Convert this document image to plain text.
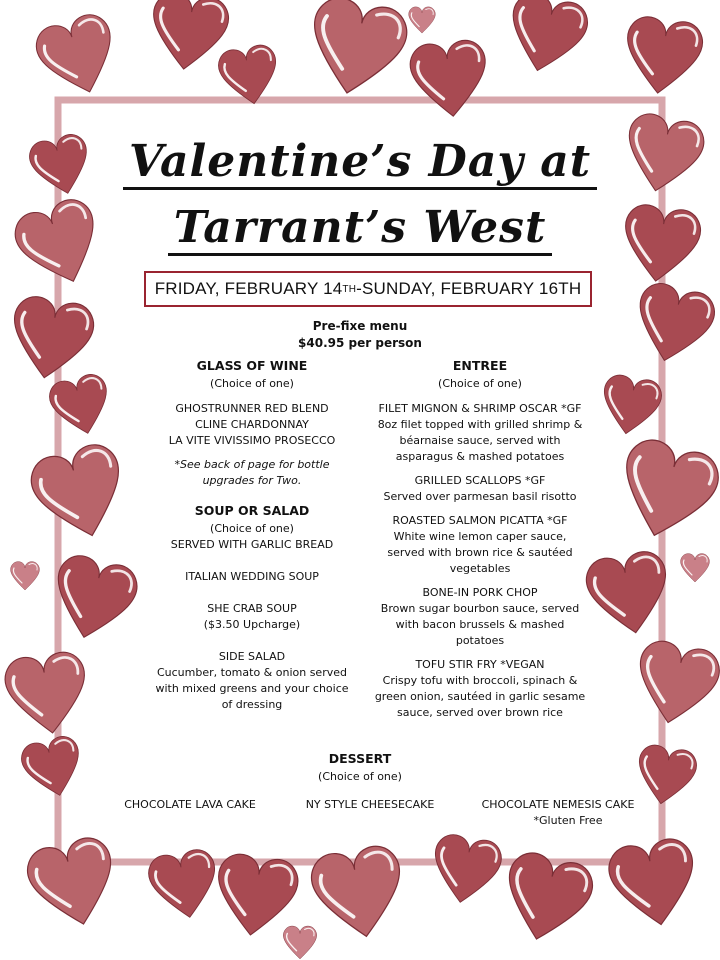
Valentine’s Day at
Tarrant’s West
FRIDAY, FEBRUARY 14 TH -SUNDAY, FEBRUARY 16TH
Pre-fixe menu
$40.95 per person
GLASS OF WINE
(Choice of one)
GHOSTRUNNER RED BLEND
CLINE CHARDONNAY
LA VITE VIVISSIMO PROSECCO
*See back of page for bottle
upgrades for Two.
SOUP OR SALAD
(Choice of one)
SERVED WITH GARLIC BREAD
ITALIAN WEDDING SOUP
SHE CRAB SOUP
($3.50 Upcharge)
SIDE SALAD
Cucumber, tomato & onion served
with mixed greens and your choice
of dressing
ENTREE
(Choice of one)
FILET MIGNON & SHRIMP OSCAR *GF
8oz filet topped with grilled shrimp &
béarnaise sauce, served with
asparagus & mashed potatoes
GRILLED SCALLOPS *GF
Served over parmesan basil risotto
ROASTED SALMON PICATTA *GF
White wine lemon caper sauce,
served with brown rice & sautéed
vegetables
BONE-IN PORK CHOP
Brown sugar bourbon sauce, served
with bacon brussels & mashed
potatoes
TOFU STIR FRY *VEGAN
Crispy tofu with broccoli, spinach &
green onion, sautéed in garlic sesame
sauce, served over brown rice
DESSERT
(Choice of one)
CHOCOLATE LAVA CAKE	NY STYLE CHEESECAKE	CHOCOLATE NEMESIS CAKE
*Gluten Free
